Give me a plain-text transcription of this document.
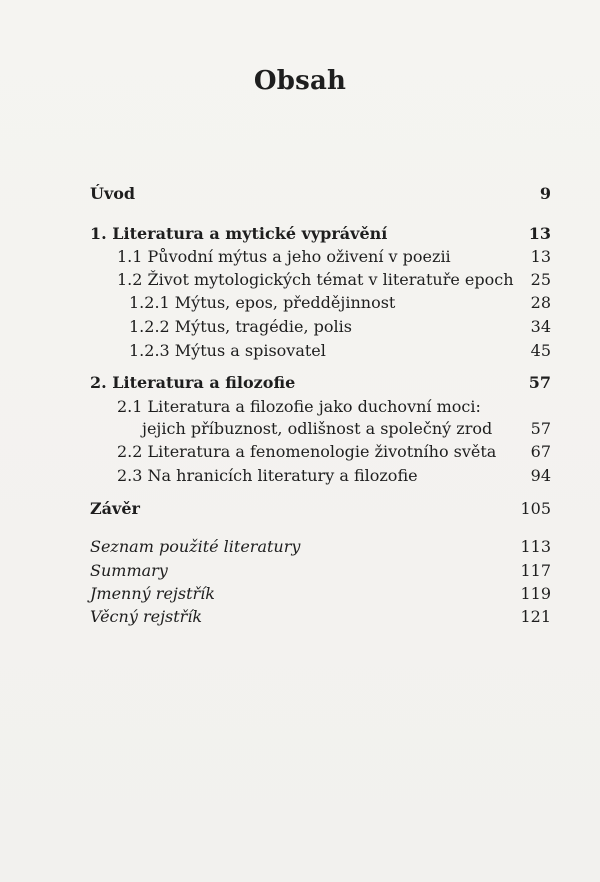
Obsah
Úvod	9
1. Literatura a mytické vyprávění	13
1.1 Původní mýtus a jeho oživení v poezii	13
1.2 Život mytologických témat v literatuře epoch 25
1.2.1 Mýtus, epos, předdějinnost	28
1.2.2 Mýtus, tragédie, polis	34
1.2.3 Mýtus a spisovatel	45
2. Literatura a filozofie	57
2.1 Literatura a filozofie jako duchovní moci:
jejich příbuznost, odlišnost a společný zrod 57
2.2 Literatura a fenomenologie životního světa 67
2.3 Na hranicích literatury a filozofie	94
Závěr	105
Seznam použité literatury	113
Summary	117
Jmenný rejstřík	119
Věcný rejstřík	121
